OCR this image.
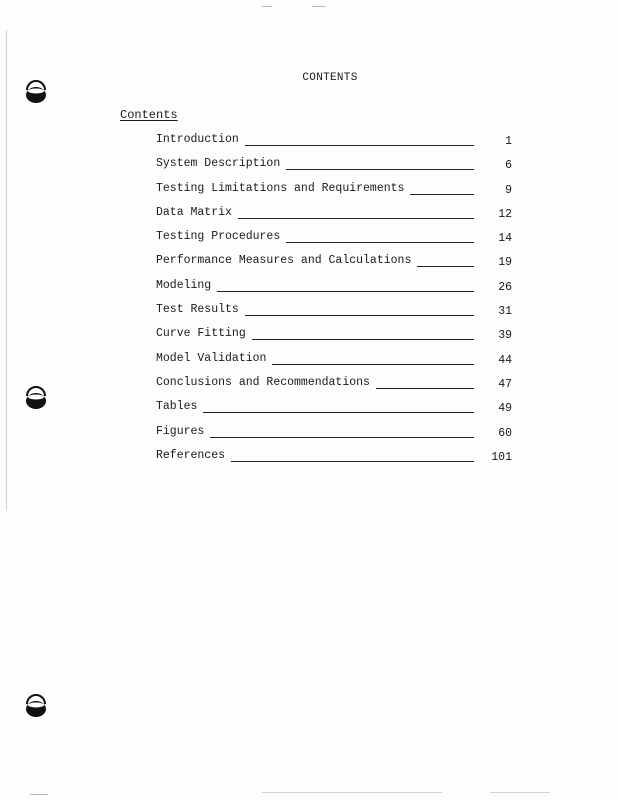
CONTENTS
Contents
Introduction	1
System Description	6
Testing Limitations and Requirements	9
Data Matrix	12
Testing Procedures	14
Performance Measures and Calculations	19
Modeling	26
Test Results	31
Curve Fitting	39
Model Validation	44
Conclusions and Recommendations	47
Tables	49
Figures	60
References	101
